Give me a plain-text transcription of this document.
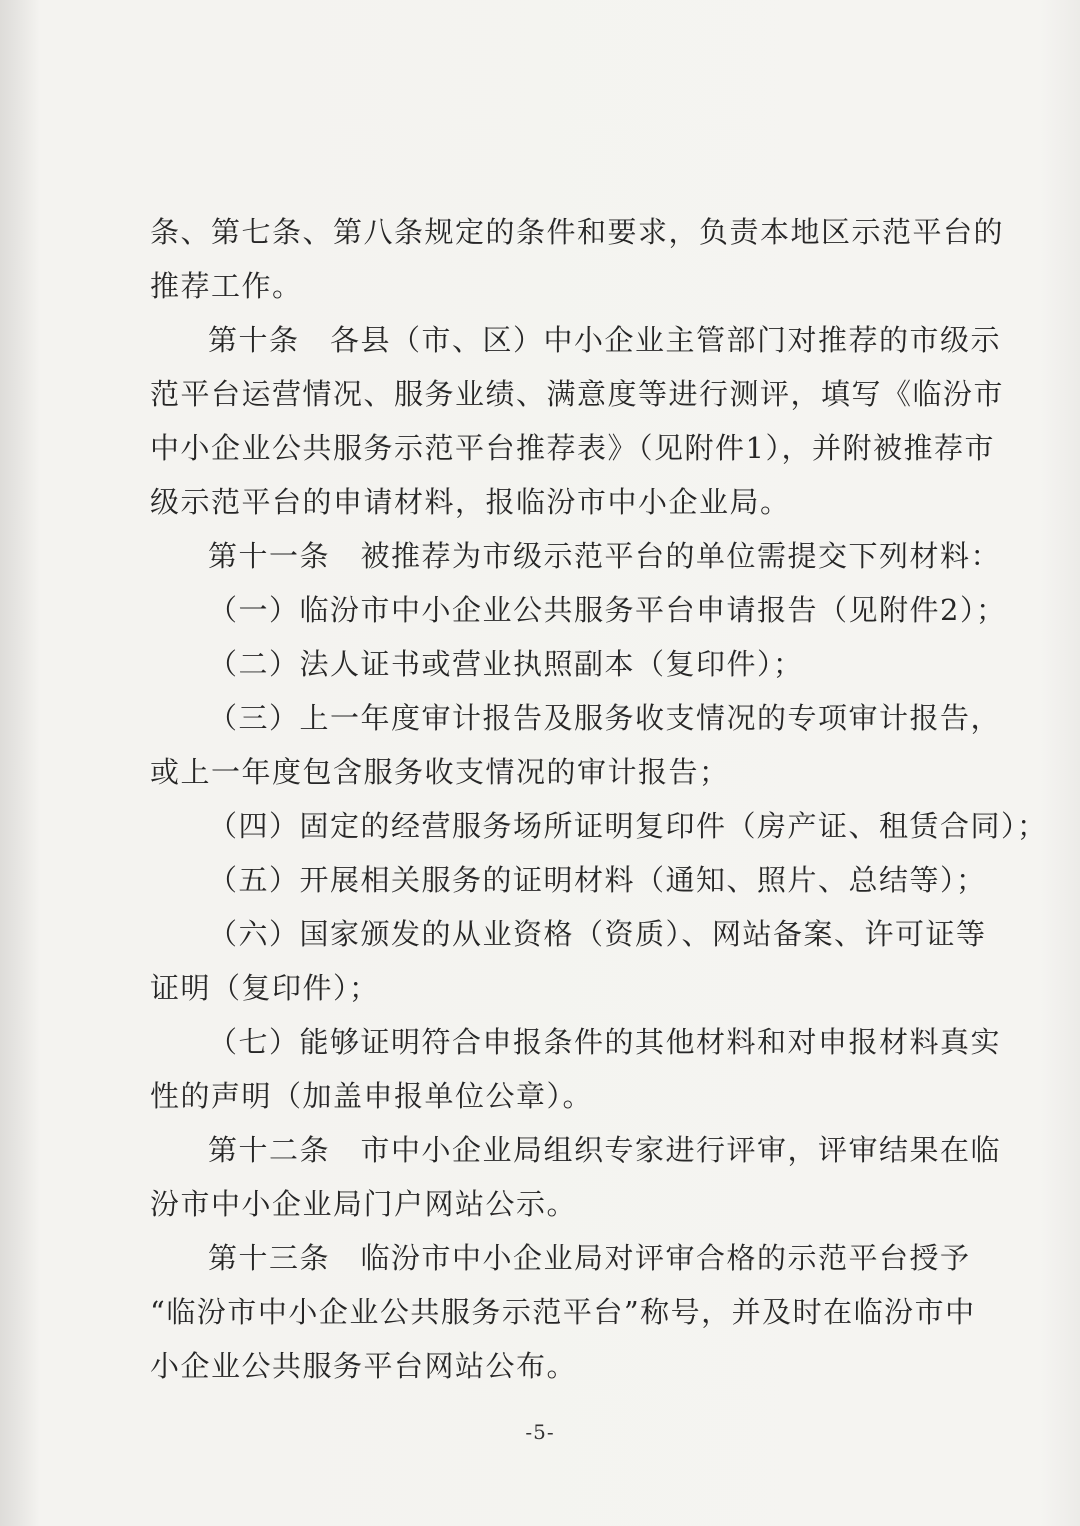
条、第七条、第八条规定的条件和要求，负责本地区示范平台的
推荐工作。
第十条　各县（市、区）中小企业主管部门对推荐的市级示
范平台运营情况、服务业绩、满意度等进行测评，填写《临汾市
中小企业公共服务示范平台推荐表》（见附件1），并附被推荐市
级示范平台的申请材料，报临汾市中小企业局。
第十一条　被推荐为市级示范平台的单位需提交下列材料：
（一）临汾市中小企业公共服务平台申请报告（见附件2）；
（二）法人证书或营业执照副本（复印件）；
（三）上一年度审计报告及服务收支情况的专项审计报告，
或上一年度包含服务收支情况的审计报告；
（四）固定的经营服务场所证明复印件（房产证、租赁合同）；
（五）开展相关服务的证明材料（通知、照片、总结等）；
（六）国家颁发的从业资格（资质）、网站备案、许可证等
证明（复印件）；
（七）能够证明符合申报条件的其他材料和对申报材料真实
性的声明（加盖申报单位公章）。
第十二条　市中小企业局组织专家进行评审，评审结果在临
汾市中小企业局门户网站公示。
第十三条　临汾市中小企业局对评审合格的示范平台授予
“临汾市中小企业公共服务示范平台”称号，并及时在临汾市中
小企业公共服务平台网站公布。
-5-
